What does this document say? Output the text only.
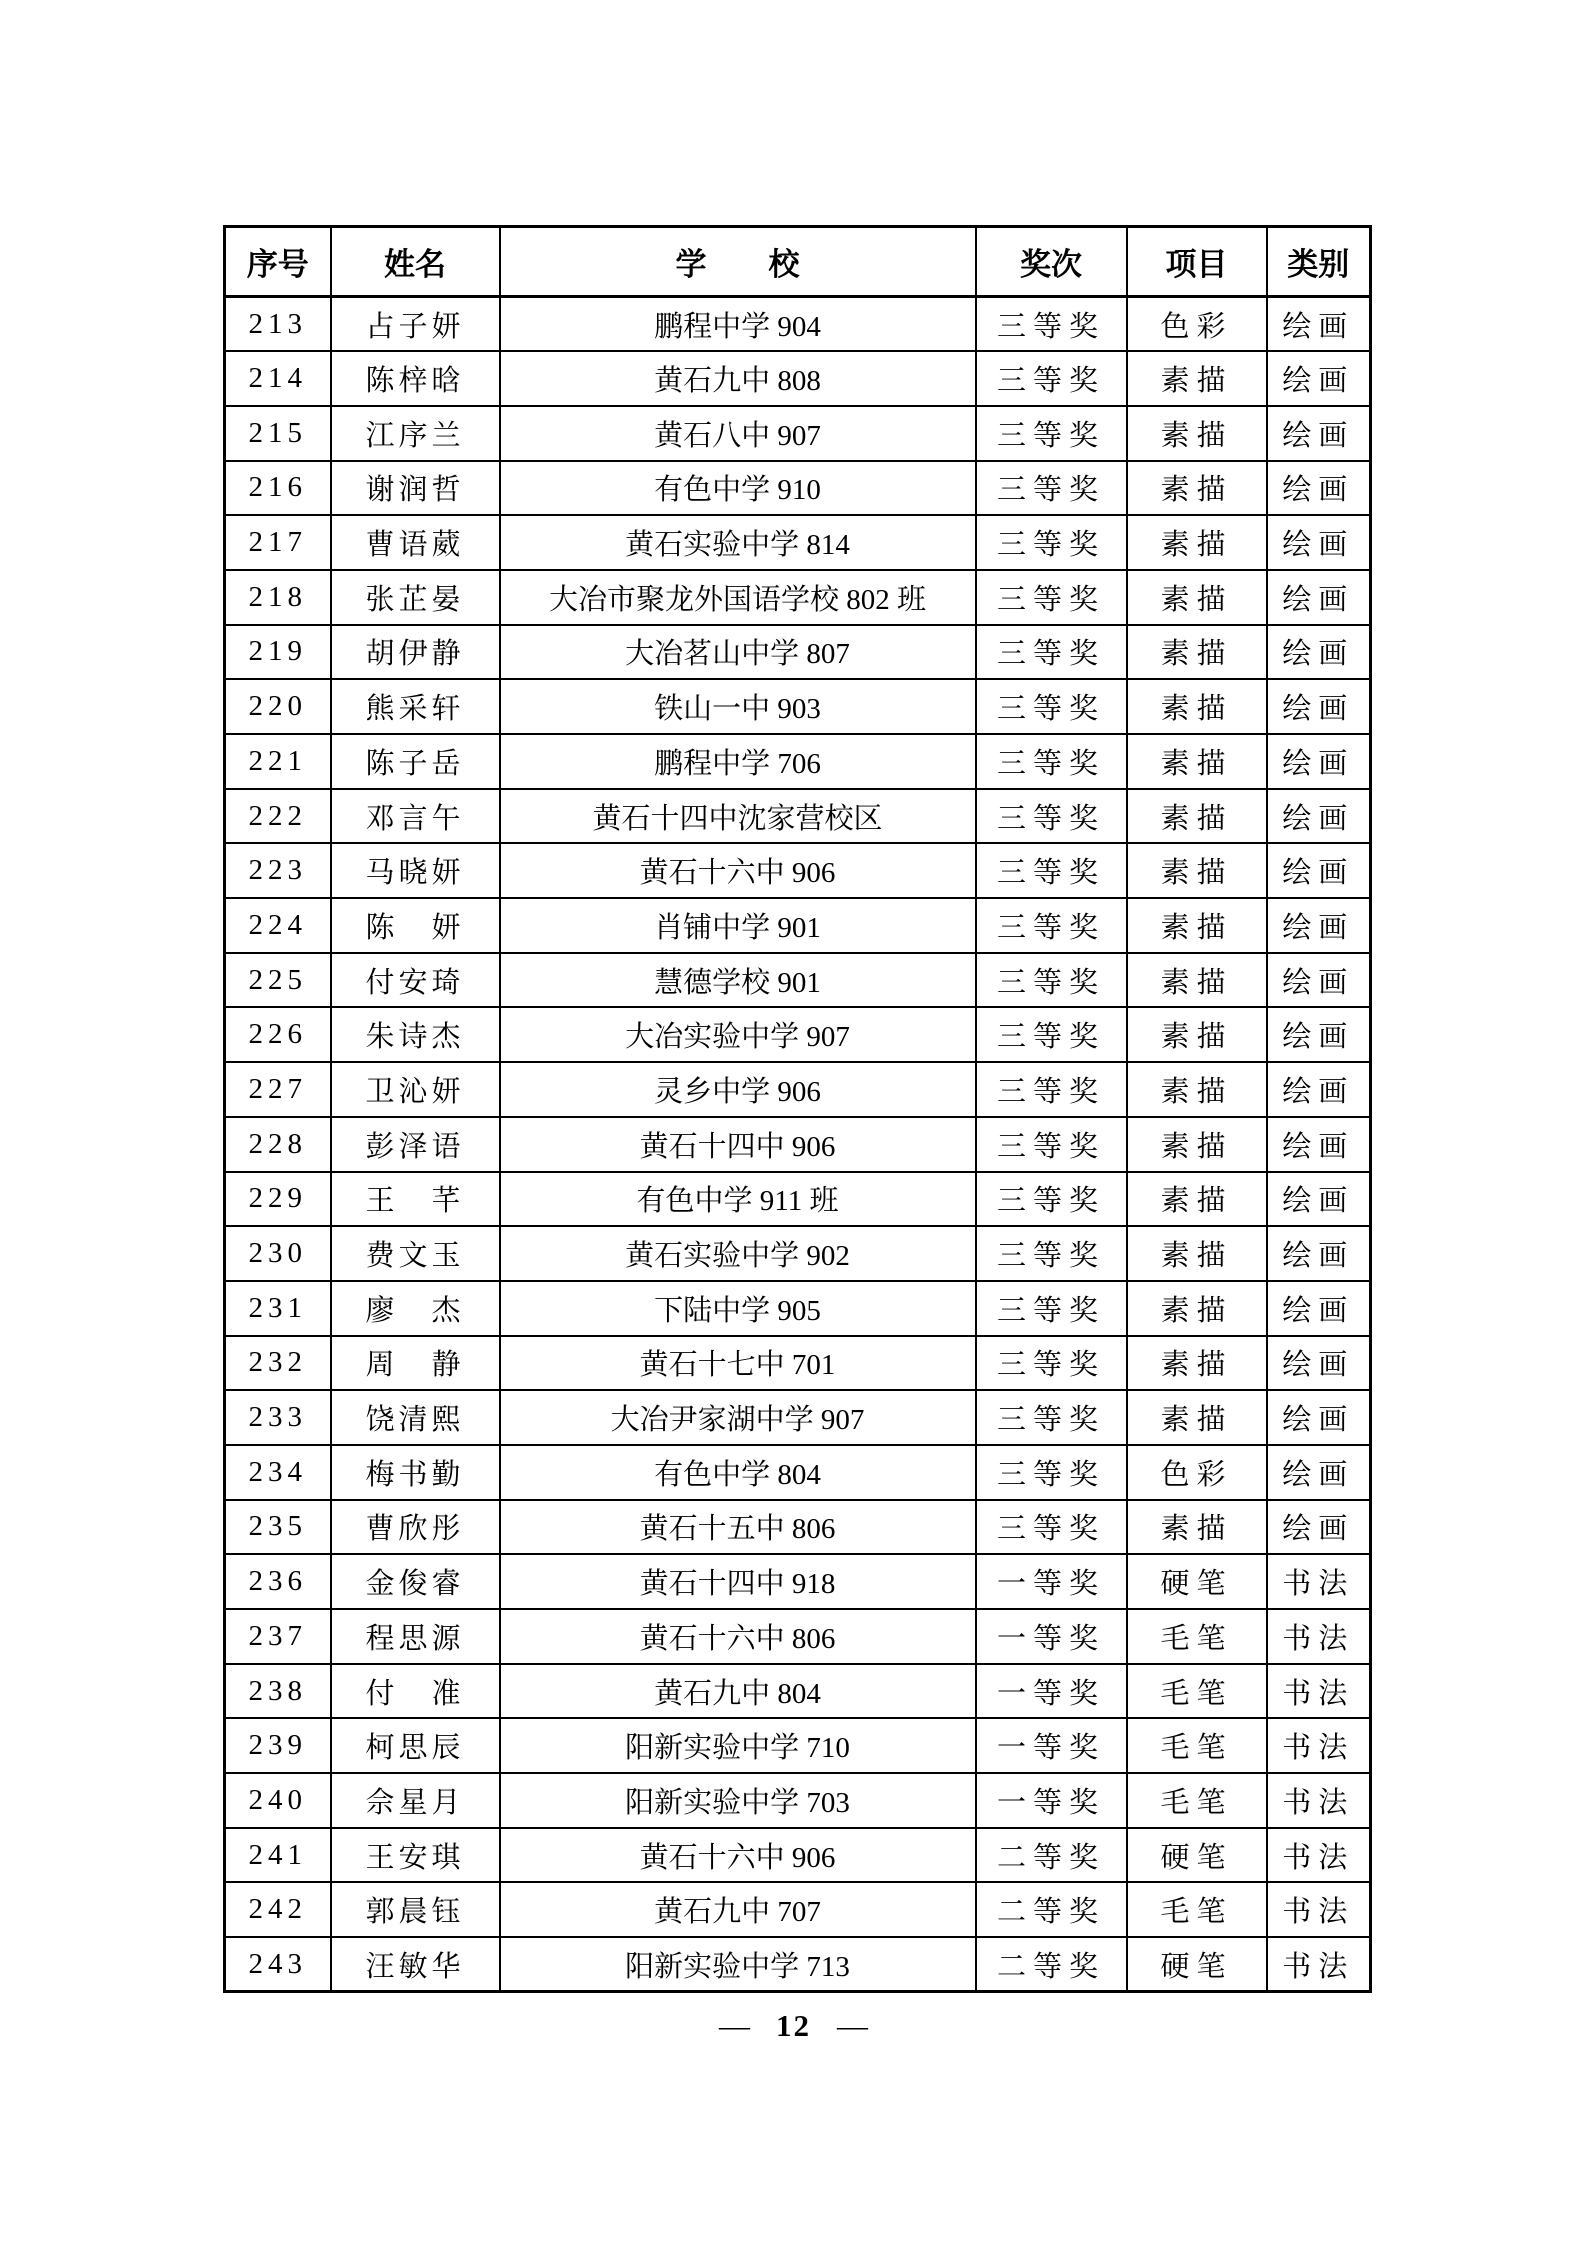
序号	姓名	学　　校	奖次	项目	类别
213	占子妍	鹏程中学 904	三等奖	色彩	绘画
214	陈梓晗	黄石九中 808	三等奖	素描	绘画
215	江序兰	黄石八中 907	三等奖	素描	绘画
216	谢润哲	有色中学 910	三等奖	素描	绘画
217	曹语葳	黄石实验中学 814	三等奖	素描	绘画
218	张芷晏	大冶市聚龙外国语学校 802 班	三等奖	素描	绘画
219	胡伊静	大冶茗山中学 807	三等奖	素描	绘画
220	熊采轩	铁山一中 903	三等奖	素描	绘画
221	陈子岳	鹏程中学 706	三等奖	素描	绘画
222	邓言午	黄石十四中沈家营校区	三等奖	素描	绘画
223	马晓妍	黄石十六中 906	三等奖	素描	绘画
224	陈　妍	肖铺中学 901	三等奖	素描	绘画
225	付安琦	慧德学校 901	三等奖	素描	绘画
226	朱诗杰	大冶实验中学 907	三等奖	素描	绘画
227	卫沁妍	灵乡中学 906	三等奖	素描	绘画
228	彭泽语	黄石十四中 906	三等奖	素描	绘画
229	王　芊	有色中学 911 班	三等奖	素描	绘画
230	费文玉	黄石实验中学 902	三等奖	素描	绘画
231	廖　杰	下陆中学 905	三等奖	素描	绘画
232	周　静	黄石十七中 701	三等奖	素描	绘画
233	饶清熙	大冶尹家湖中学 907	三等奖	素描	绘画
234	梅书勤	有色中学 804	三等奖	色彩	绘画
235	曹欣彤	黄石十五中 806	三等奖	素描	绘画
236	金俊睿	黄石十四中 918	一等奖	硬笔	书法
237	程思源	黄石十六中 806	一等奖	毛笔	书法
238	付　准	黄石九中 804	一等奖	毛笔	书法
239	柯思辰	阳新实验中学 710	一等奖	毛笔	书法
240	佘星月	阳新实验中学 703	一等奖	毛笔	书法
241	王安琪	黄石十六中 906	二等奖	硬笔	书法
242	郭晨钰	黄石九中 707	二等奖	毛笔	书法
243	汪敏华	阳新实验中学 713	二等奖	硬笔	书法
— 12 —
